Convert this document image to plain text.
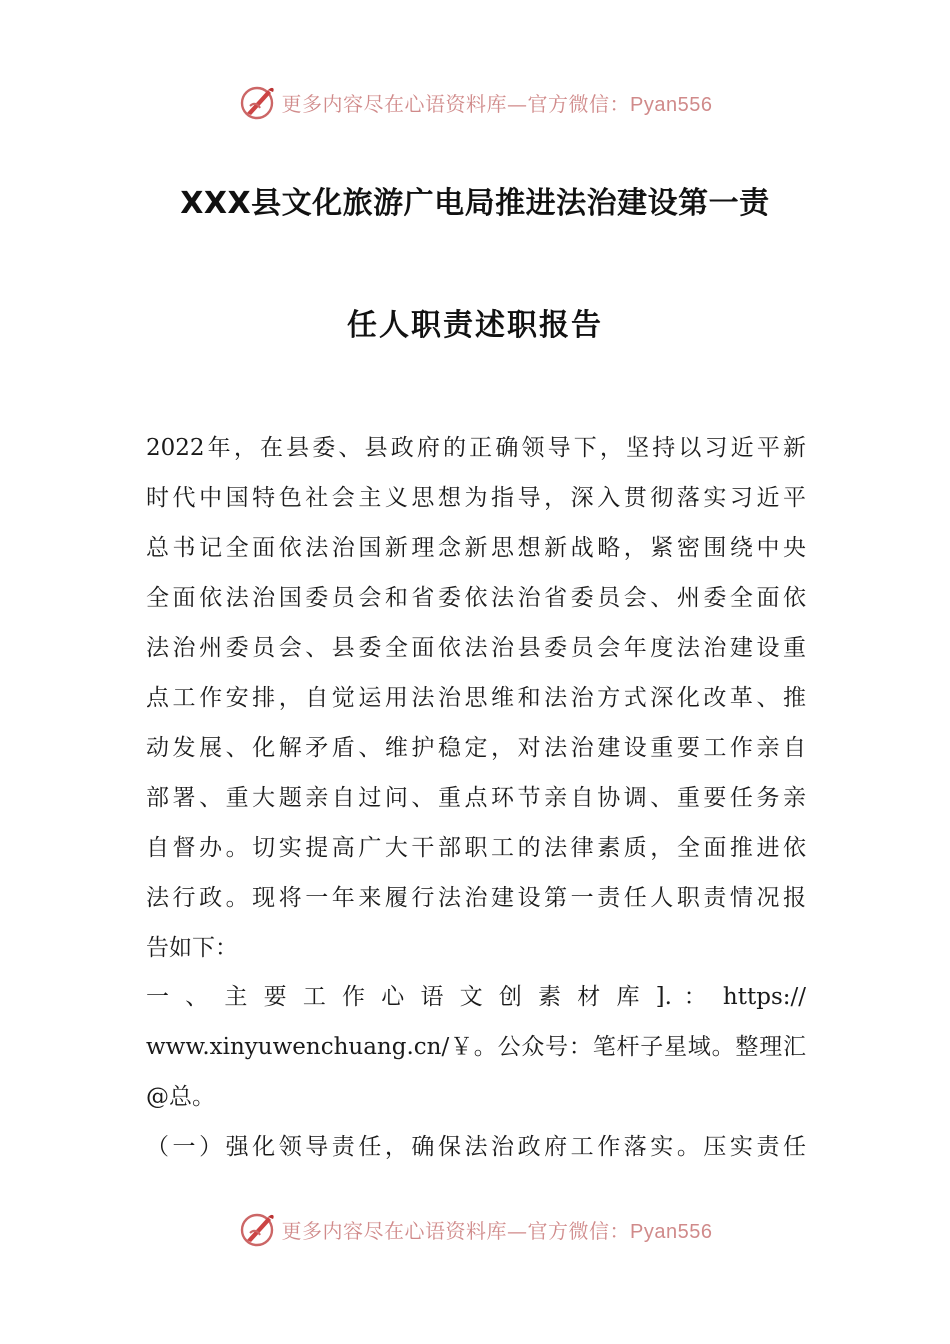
更多内容尽在心语资料库—官方微信：Pyan556
XXX县文化旅游广电局推进法治建设第一责
任人职责述职报告
2022年，在县委、县政府的正确领导下，坚持以习近平新
时代中国特色社会主义思想为指导，深入贯彻落实习近平
总书记全面依法治国新理念新思想新战略，紧密围绕中央
全面依法治国委员会和省委依法治省委员会、州委全面依
法治州委员会、县委全面依法治县委员会年度法治建设重
点工作安排，自觉运用法治思维和法治方式深化改革、推
动发展、化解矛盾、维护稳定，对法治建设重要工作亲自
部署、重大题亲自过问、重点环节亲自协调、重要任务亲
自督办。切实提高广大干部职工的法律素质，全面推进依
法行政。现将一年来履行法治建设第一责任人职责情况报
告如下：
一 、 主 要 工 作 心 语 文 创 素 材 库 ]. ： https://
www.xinyuwenchuang.cn/￥。公众号：笔杆子星域。整理汇
@总。
（一）强化领导责任，确保法治政府工作落实。压实责任
更多内容尽在心语资料库—官方微信：Pyan556
